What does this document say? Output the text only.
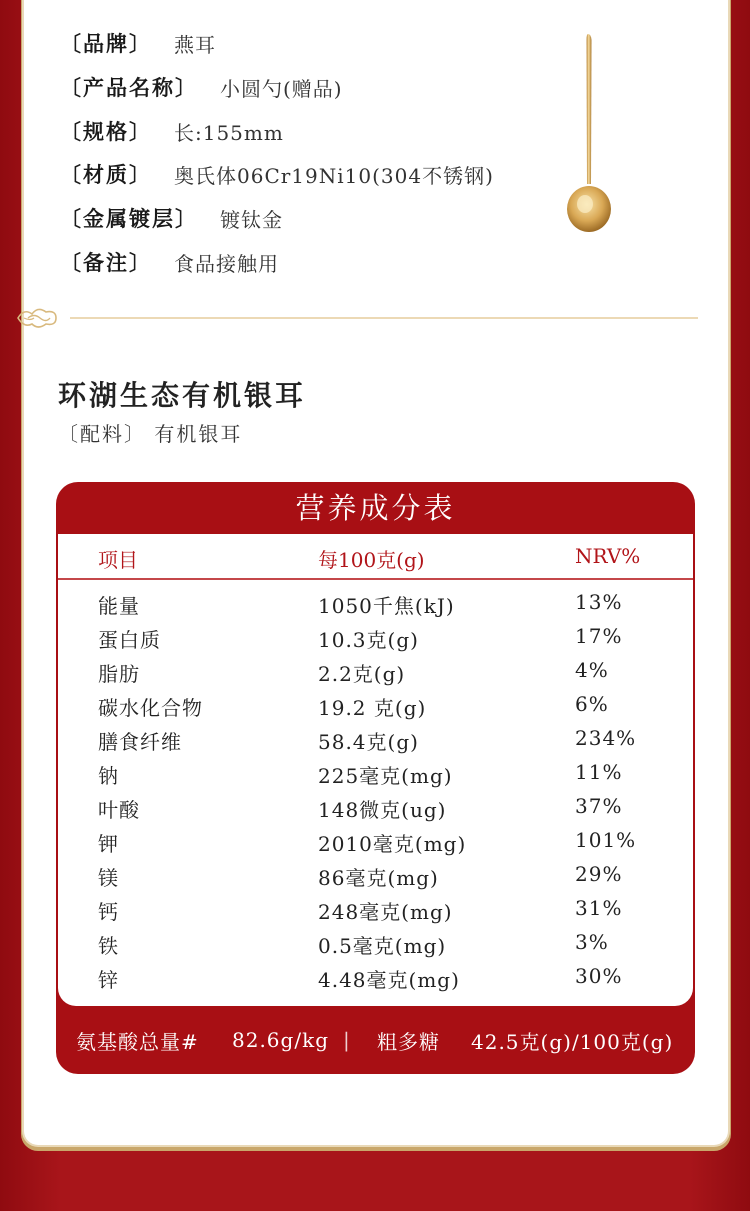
〔品牌〕 燕耳
〔产品名称〕 小圆勺(赠品)
〔规格〕 长:155mm
〔材质〕 奥氏体06Cr19Ni10(304不锈钢)
〔金属镀层〕 镀钛金
〔备注〕 食品接触用
环湖生态有机银耳
〔配料〕 有机银耳
营养成分表
项目	每100克(g)	NRV%
能量	1050千焦(kJ)	13%
蛋白质	10.3克(g)	17%
脂肪	2.2克(g)	4%
碳水化合物	19.2 克(g)	6%
膳食纤维	58.4克(g)	234%
钠	225毫克(mg)	11%
叶酸	148微克(ug)	37%
钾	2010毫克(mg)	101%
镁	86毫克(mg)	29%
钙	248毫克(mg)	31%
铁	0.5毫克(mg)	3%
锌	4.48毫克(mg)	30%
氨基酸总量# 82.6g/kg | 粗多糖 42.5克(g)/100克(g)
